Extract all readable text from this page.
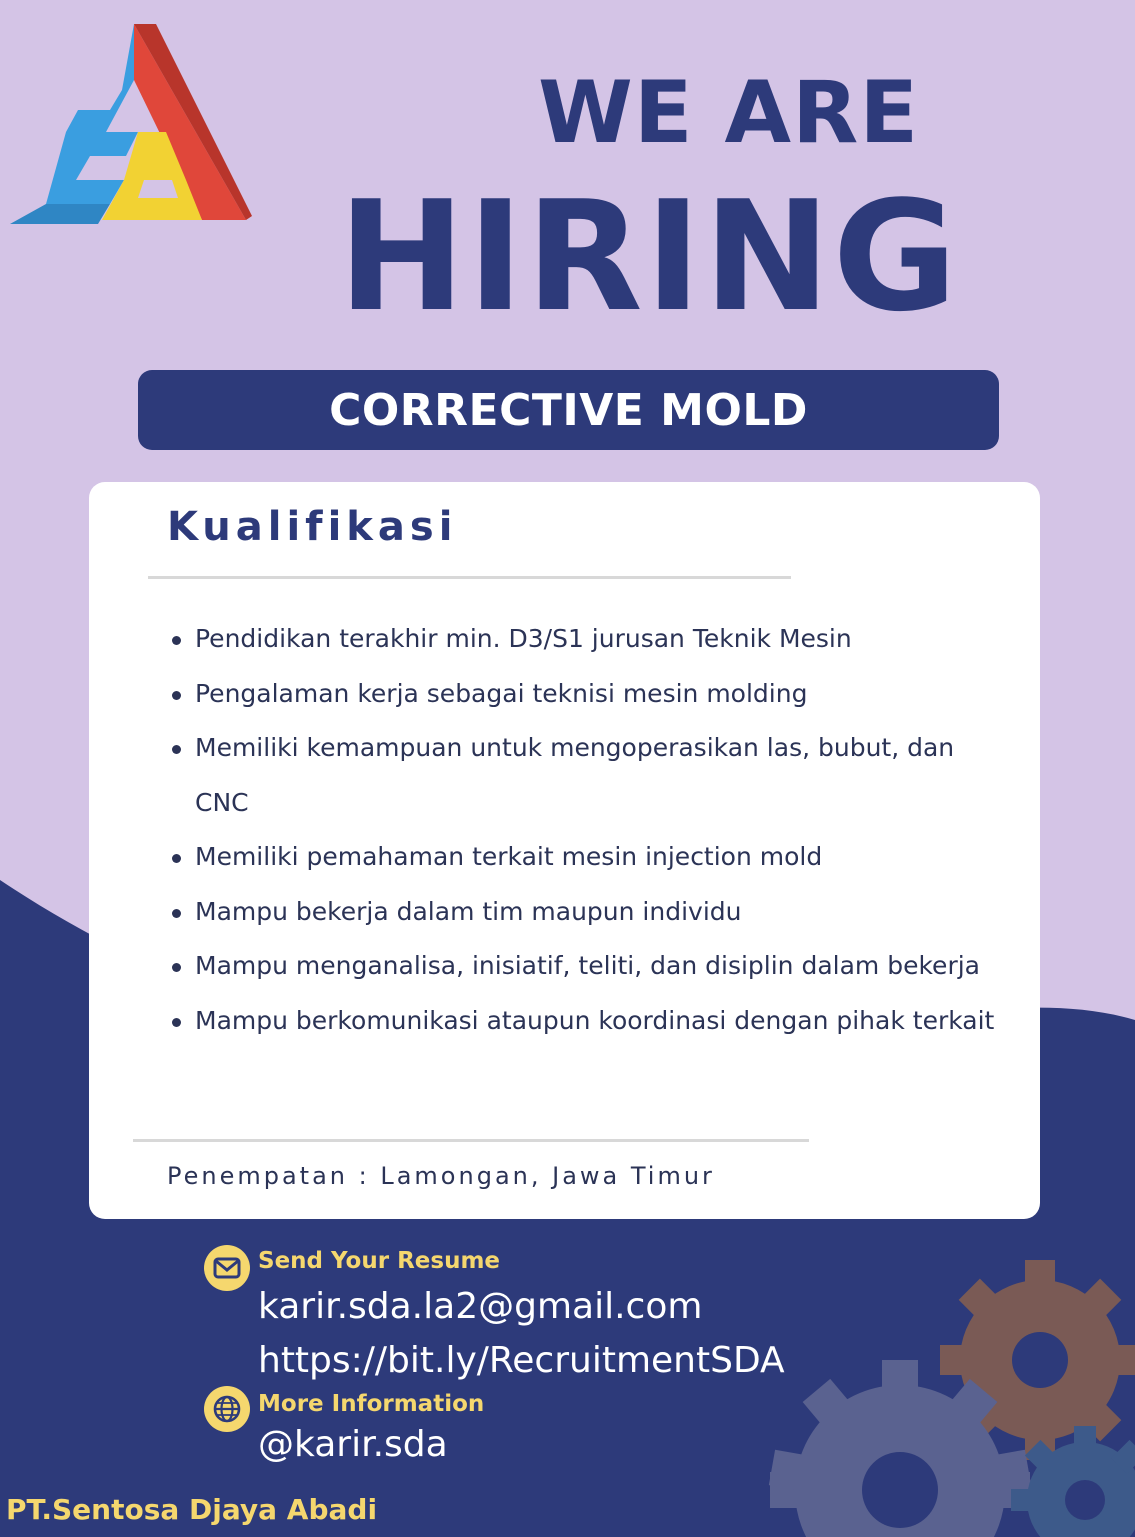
WE ARE
HIRING
CORRECTIVE MOLD
Kualifikasi
Pendidikan terakhir min. D3/S1 jurusan Teknik Mesin
Pengalaman kerja sebagai teknisi mesin molding
Memiliki kemampuan untuk mengoperasikan las, bubut, dan CNC
Memiliki pemahaman terkait mesin injection mold
Mampu bekerja dalam tim maupun individu
Mampu menganalisa, inisiatif, teliti, dan disiplin dalam bekerja
Mampu berkomunikasi ataupun koordinasi dengan pihak terkait
Penempatan : Lamongan, Jawa Timur
Send Your Resume
karir.sda.la2@gmail.com
https://bit.ly/RecruitmentSDA
More Information
@karir.sda
PT.Sentosa Djaya Abadi
